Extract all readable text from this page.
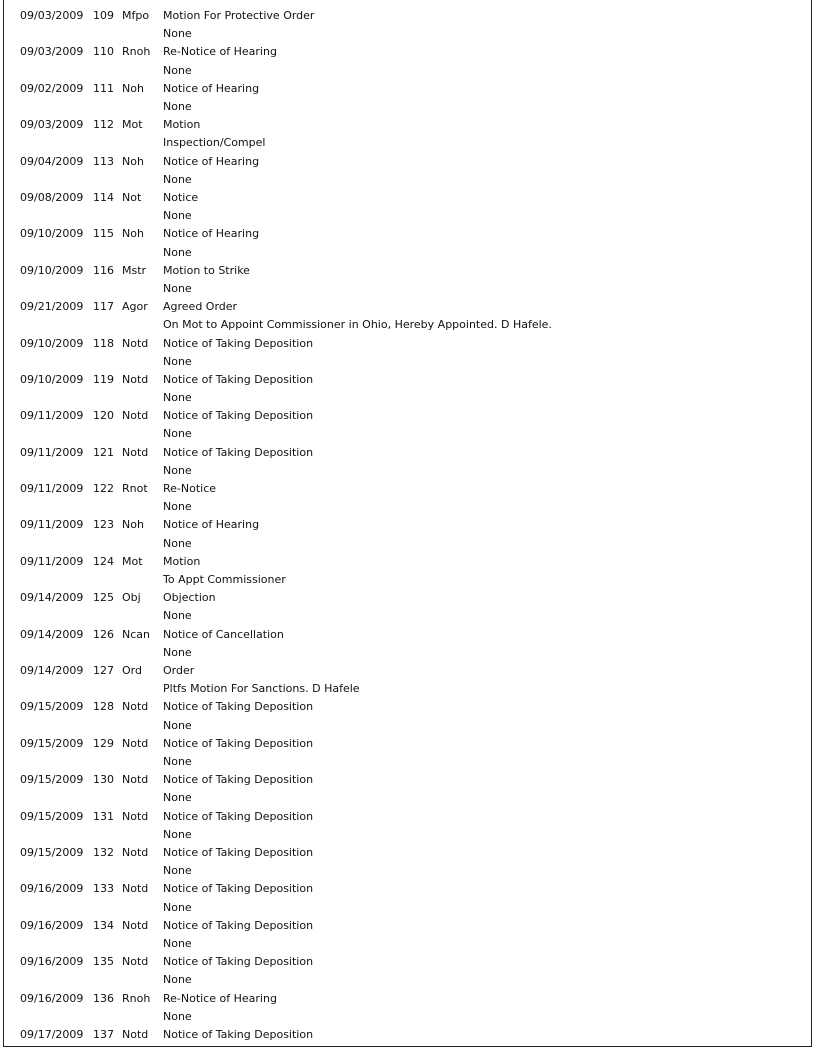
09/03/2009 109 Mfpo	Motion For Protective Order
None
09/03/2009 110 Rnoh	Re-Notice of Hearing
None
09/02/2009 111 Noh	Notice of Hearing
None
09/03/2009 112 Mot	Motion
Inspection/Compel
09/04/2009 113 Noh	Notice of Hearing
None
09/08/2009 114 Not	Notice
None
09/10/2009 115 Noh	Notice of Hearing
None
09/10/2009 116 Mstr	Motion to Strike
None
09/21/2009 117 Agor	Agreed Order
On Mot to Appoint Commissioner in Ohio, Hereby Appointed. D Hafele.
09/10/2009 118 Notd	Notice of Taking Deposition
None
09/10/2009 119 Notd	Notice of Taking Deposition
None
09/11/2009 120 Notd	Notice of Taking Deposition
None
09/11/2009 121 Notd	Notice of Taking Deposition
None
09/11/2009 122 Rnot	Re-Notice
None
09/11/2009 123 Noh	Notice of Hearing
None
09/11/2009 124 Mot	Motion
To Appt Commissioner
09/14/2009 125 Obj	Objection
None
09/14/2009 126 Ncan	Notice of Cancellation
None
09/14/2009 127 Ord	Order
Pltfs Motion For Sanctions. D Hafele
09/15/2009 128 Notd	Notice of Taking Deposition
None
09/15/2009 129 Notd	Notice of Taking Deposition
None
09/15/2009 130 Notd	Notice of Taking Deposition
None
09/15/2009 131 Notd	Notice of Taking Deposition
None
09/15/2009 132 Notd	Notice of Taking Deposition
None
09/16/2009 133 Notd	Notice of Taking Deposition
None
09/16/2009 134 Notd	Notice of Taking Deposition
None
09/16/2009 135 Notd	Notice of Taking Deposition
None
09/16/2009 136 Rnoh	Re-Notice of Hearing
None
09/17/2009 137 Notd	Notice of Taking Deposition
